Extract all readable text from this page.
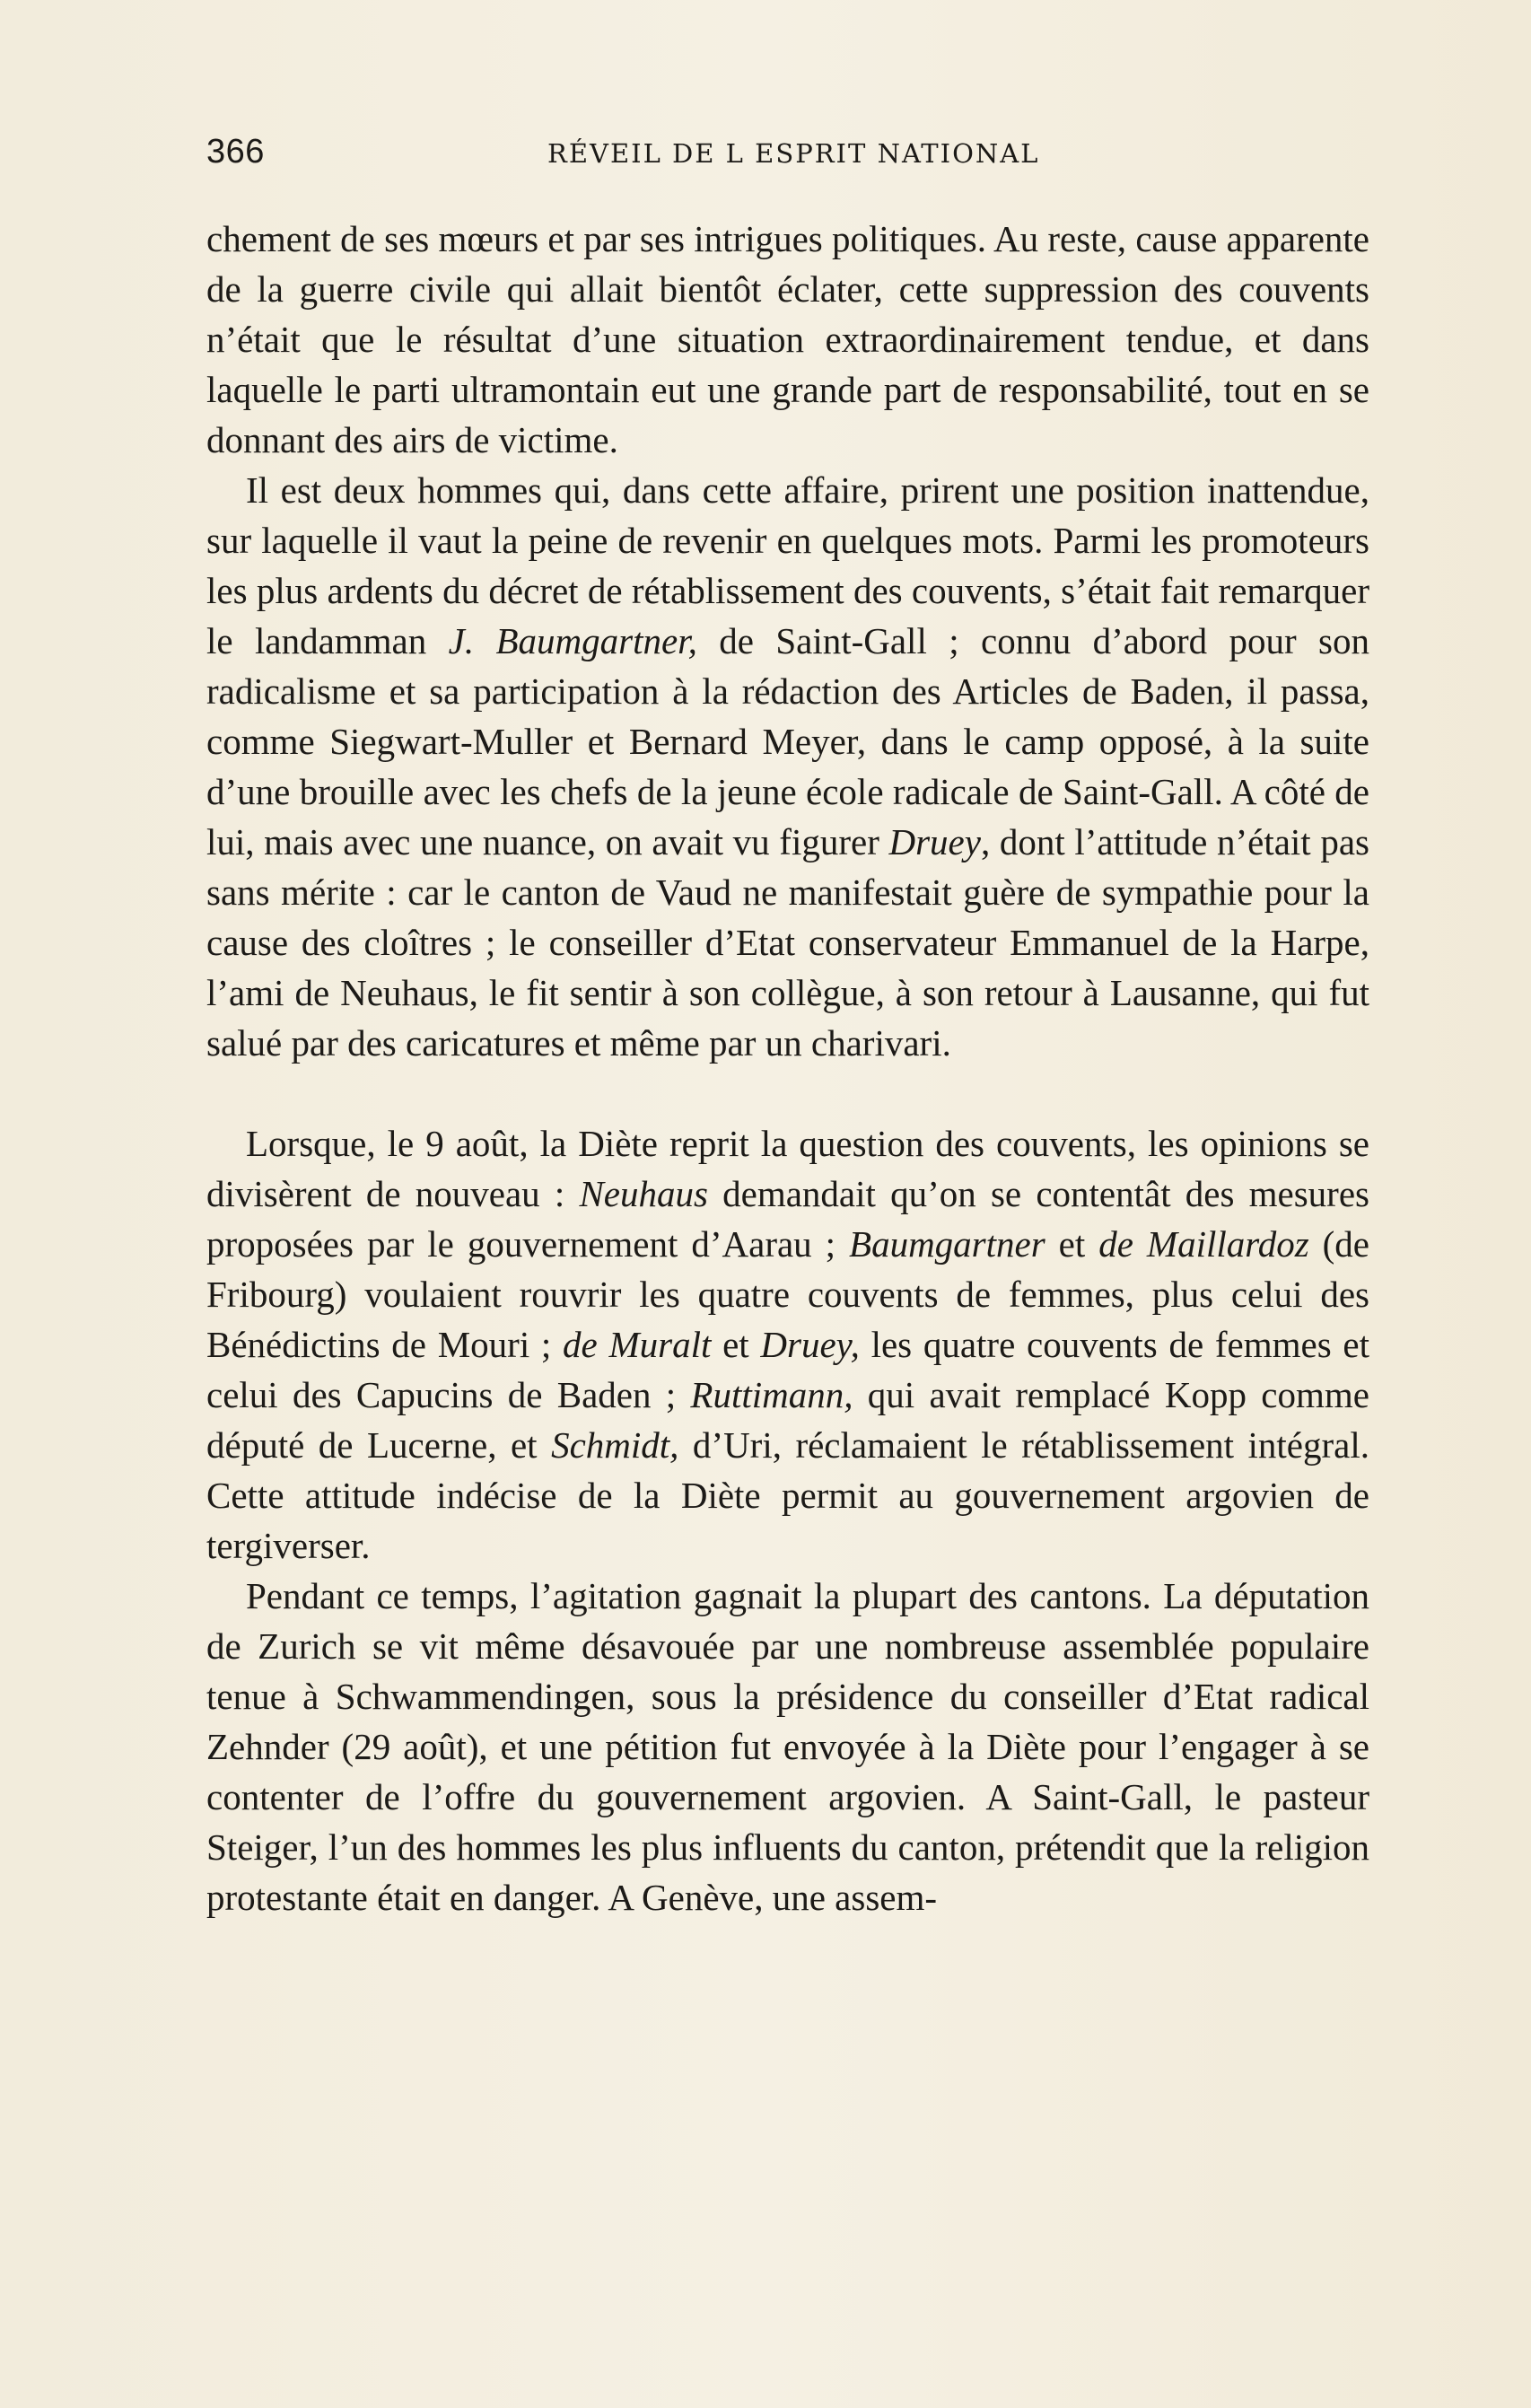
366	RÉVEIL DE L ESPRIT NATIONAL

chement de ses mœurs et par ses intrigues politiques. Au reste, cause apparente de la guerre civile qui allait bientôt éclater, cette suppression des couvents n’était que le résultat d’une situation extraordinairement tendue, et dans laquelle le parti ultramontain eut une grande part de responsabilité, tout en se donnant des airs de victime.

Il est deux hommes qui, dans cette affaire, prirent une position inattendue, sur laquelle il vaut la peine de revenir en quelques mots. Parmi les promoteurs les plus ardents du décret de rétablissement des couvents, s’était fait remarquer le landamman J. Baumgartner, de Saint-Gall ; connu d’abord pour son radicalisme et sa participation à la rédaction des Articles de Baden, il passa, comme Siegwart-Muller et Bernard Meyer, dans le camp opposé, à la suite d’une brouille avec les chefs de la jeune école radicale de Saint-Gall. A côté de lui, mais avec une nuance, on avait vu figurer Druey, dont l’attitude n’était pas sans mérite : car le canton de Vaud ne manifestait guère de sympathie pour la cause des cloîtres ; le conseiller d’Etat conservateur Emmanuel de la Harpe, l’ami de Neuhaus, le fit sentir à son collègue, à son retour à Lausanne, qui fut salué par des caricatures et même par un charivari.

Lorsque, le 9 août, la Diète reprit la question des couvents, les opinions se divisèrent de nouveau : Neuhaus demandait qu’on se contentât des mesures proposées par le gouvernement d’Aarau ; Baumgartner et de Maillardoz (de Fribourg) voulaient rouvrir les quatre couvents de femmes, plus celui des Bénédictins de Mouri ; de Muralt et Druey, les quatre couvents de femmes et celui des Capucins de Baden ; Ruttimann, qui avait remplacé Kopp comme député de Lucerne, et Schmidt, d’Uri, réclamaient le rétablissement intégral. Cette attitude indécise de la Diète permit au gouvernement argovien de tergiverser.

Pendant ce temps, l’agitation gagnait la plupart des cantons. La députation de Zurich se vit même désavouée par une nombreuse assemblée populaire tenue à Schwammendingen, sous la présidence du conseiller d’Etat radical Zehnder (29 août), et une pétition fut envoyée à la Diète pour l’engager à se contenter de l’offre du gouvernement argovien. A Saint-Gall, le pasteur Steiger, l’un des hommes les plus influents du canton, prétendit que la religion protestante était en danger. A Genève, une assem-
